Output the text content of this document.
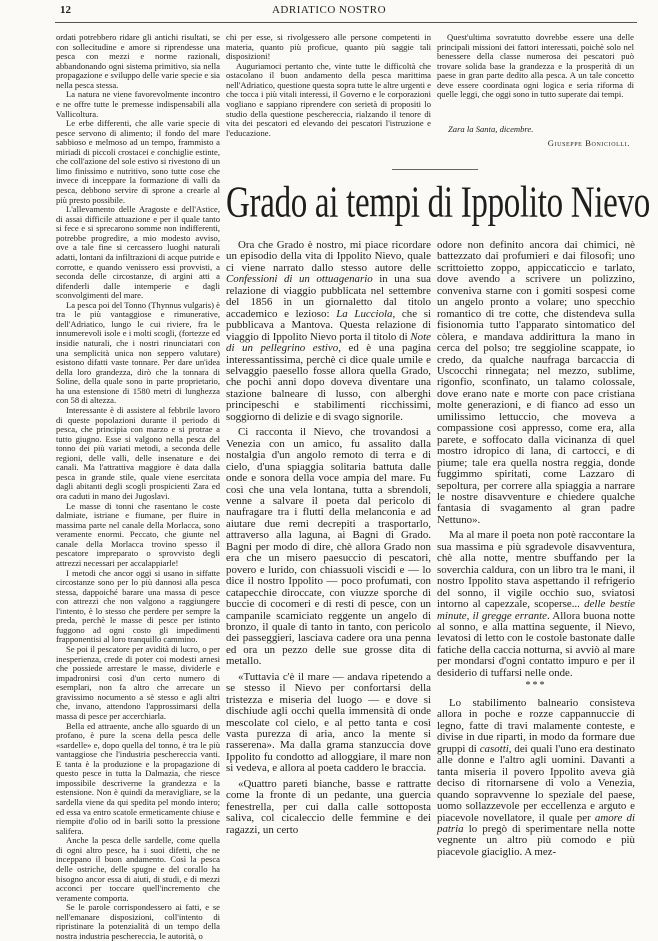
12	ADRIATICO NOSTRO

ordati potrebbero ridare gli antichi risultati, se con sollecitudine e amore si riprendesse una pesca con mezzi e norme razionali, abbandonando ogni sistema primitivo, sia nella propagazione e sviluppo delle varie specie e sia nella pesca stessa.

La natura ne viene favorevolmente incontro e ne offre tutte le premesse indispensabili alla Vallicoltura.

Le erbe differenti, che alle varie specie di pesce servono di alimento; il fondo del mare sabbioso e melmoso ad un tempo, frammisto a miriadi di piccoli crostacei e conchiglie estinte, che coll'azione del sole estivo si rivestono di un limo finissimo e nutritivo, sono tutte cose che invece di inceppare la formazione di valli da pesca, debbono servire di sprone a crearle al più presto possibile.

L'allevamento delle Aragoste e dell'Astice, di assai difficile attuazione e per il quale tanto si fece e si sprecarono somme non indifferenti, potrebbe progredire, a mio modesto avviso, ove a tale fine si cercassero luoghi naturali adatti, lontani da infiltrazioni di acque putride e corrotte, e quando venissero essi provvisti, a seconda delle circostanze, di argini atti a difenderli dalle intemperie e dagli sconvolgimenti del mare.

La pesca poi del Tonno (Thynnus vulgaris) è tra le più vantaggiose e rimunerative, dell'Adriatico, lungo le cui riviere, fra le innumerevoli isole e i molti scogli, (fortezze ed insidie naturali, che i nostri rinunciatari con una semplicità unica non seppero valutare) esistono difatti vaste tonnare. Per dare un'idea della loro grandezza, dirò che la tonnara di Soline, della quale sono in parte proprietario, ha una estensione di 1580 metri di lunghezza con 58 di altezza.

Interessante è di assistere al febbrile lavoro di queste popolazioni durante il periodo di pesca, che principia con marzo e si protrae a tutto giugno. Esse si valgono nella pesca del tonno dei più variati metodi, a seconda delle regioni, delle valli, delle insenature e dei canali. Ma l'attrattiva maggiore è data dalla pesca in grande stile, quale viene esercitata dagli abitanti degli scogli prospicienti Zara ed ora caduti in mano dei Jugoslavi.

Le masse di tonni che rasentano le coste dalmiate, istriane e fiumane, per fluire in massima parte nel canale della Morlacca, sono veramente enormi. Peccato, che giunte nel canale della Morlacca trovino spesso il pescatore impreparato o sprovvisto degli attrezzi necessari per accalappiarle!

I metodi che ancor oggi si usano in siffatte circostanze sono per lo più dannosi alla pesca stessa, dappoiché barare una massa di pesce con attrezzi che non valgono a raggiungere l'intento, è lo stesso che perdere per sempre la preda, perchè le masse di pesce per istinto fuggono ad ogni costo gli impedimenti frapponentisi al loro tranquillo cammino.

Se poi il pescatore per avidità di lucro, o per inesperienza, crede di poter coi modesti arnesi che possiede arrestare le masse, dividerle e impadronirsi così d'un certo numero di esemplari, non fa altro che arrecare un gravissimo nocumento a sè stesso e agli altri che, invano, attendono l'approssimarsi della massa di pesce per accerchiarla.

Bella ed attraente, anche allo sguardo di un profano, è pure la scena della pesca delle «sardelle» e, dopo quella del tonno, è tra le più vantaggiose che l'industria peschereccia vanti. E tanta è la produzione e la propagazione di questo pesce in tutta la Dalmazia, che riesce impossibile descriverne la grandezza e la estensione. Non è quindi da meravigliare, se la sardella viene da qui spedita pel mondo intero; ed essa va entro scatole ermeticamente chiuse e riempite d'olio od in barili sotto la pressione salifera.

Anche la pesca delle sardelle, come quella di ogni altro pesce, ha i suoi difetti, che ne inceppano il buon andamento. Così la pesca delle ostriche, delle spugne e del corallo ha bisogno ancor essa di aiuti, di studi, e di mezzi acconci per toccare quell'incremento che veramente comporta.

Se le parole corrispondessero ai fatti, e se nell'emanare disposizioni, coll'intento di ripristinare la potenzialità di un tempo della nostra industria peschereccia, le autorità, o

chi per esse, si rivolgessero alle persone competenti in materia, quanto più proficue, quanto più saggie tali disposizioni!

Auguriamoci pertanto che, vinte tutte le difficoltà che ostacolano il buon andamento della pesca marittima nell'Adriatico, questione questa sopra tutte le altre urgenti e che tocca i più vitali interessi, il Governo e le corporazioni vogliano e sappiano riprendere con serietà di propositi lo studio della questione peschereccia, rialzando il tenore di vita dei pescatori ed elevando dei pescatori l'istruzione e l'educazione.

Quest'ultima sovratutto dovrebbe essere una delle principali missioni dei fattori interessati, poichè solo nel benessere della classe numerosa dei pescatori può trovare solida base la grandezza e la prosperità di un paese in gran parte dedito alla pesca. A un tale concetto deve essere coordinata ogni logica e seria riforma di quelle leggi, che oggi sono in tutto superate dai tempi.

Zara la Santa, dicembre.
Giuseppe Boniciolli.
Grado ai tempi di Ippolito Nievo

Ora che Grado è nostro, mi piace ricordare un episodio della vita di Ippolito Nievo, quale ci viene narrato dallo stesso autore delle Confessioni di un ottuagenario in una sua relazione di viaggio pubblicata nel settembre del 1856 in un giornaletto dal titolo accademico e lezioso: La Lucciola, che si pubblicava a Mantova. Questa relazione di viaggio di Ippolito Nievo porta il titolo di Note di un pellegrino estivo, ed è una pagina interessantissima, perchè ci dice quale umile e selvaggio paesello fosse allora quella Grado, che pochi anni dopo doveva diventare una stazione balneare di lusso, con alberghi principeschi e stabilimenti ricchissimi, soggiorno di delizie e di svago signorile.

Ci racconta il Nievo, che trovandosi a Venezia con un amico, fu assalito dalla nostalgia d'un angolo remoto di terra e di cielo, d'una spiaggia solitaria battuta dalle onde e sonora della voce ampia del mare. Fu così che una vela lontana, tutta a sbrendoli, venne a salvare il poeta dal pericolo di naufragare tra i flutti della melanconia e ad aiutare due remi decrepiti a trasportarlo, attraverso alla laguna, ai Bagni di Grado. Bagni per modo di dire, chè allora Grado non era che un misero paesuccio di pescatori, povero e lurido, con chiassuoli viscidi e — lo dice il nostro Ippolito — poco profumati, con catapecchie diroccate, con viuzze sporche di buccie di cocomeri e di resti di pesce, con un campanile scamiciato reggente un angelo di bronzo, il quale di tanto in tanto, con pericolo dei passeggieri, lasciava cadere ora una penna ed ora un pezzo delle sue grosse dita di metallo.

«Tuttavia c'è il mare — andava ripetendo a se stesso il Nievo per confortarsi della tristezza e miseria del luogo — e dove si dischiude agli occhi quella immensità di onde mescolate col cielo, e al petto tanta e così vasta purezza di aria, anco la mente si rasserena». Ma dalla grama stanzuccia dove Ippolito fu condotto ad alloggiare, il mare non si vedeva, e allora al poeta caddero le braccia.

«Quattro pareti bianche, basse e rattratte come la fronte di un pedante, una guercia fenestrella, per cui dalla calle sottoposta saliva, col cicaleccio delle femmine e dei ragazzi, un certo

odore non definito ancora dai chimici, nè battezzato dai profumieri e dai filosofi; uno scrittoietto zoppo, appiccaticcio e tarlato, dove avendo a scrivere un polizzino, conveniva starne con i gomiti sospesi come un angelo pronto a volare; uno specchio romantico di tre cotte, che distendeva sulla fisionomia tutto l'apparato sintomatico del còlera, e mandava addirittura la mano in cerca del polso; tre seggioline scappate, io credo, da qualche naufraga barcaccia di Uscocchi rinnegata; nel mezzo, sublime, rigonfio, sconfinato, un talamo colossale, dove erano nate e morte con pace cristiana molte generazioni, e di fianco ad esso un umilissimo lettuccio, che moveva a compassione così appresso, come era, alla parete, e soffocato dalla vicinanza di quel mostro idropico di lana, di cartocci, e di piume; tale era quella nostra reggia, donde fuggimmo spiritati, come Lazzaro di sepoltura, per correre alla spiaggia a narrare le nostre disavventure e chiedere qualche fantasia di svagamento al gran padre Nettuno».

Ma al mare il poeta non potè raccontare la sua massima e più sgradevole disavventura, chè alla notte, mentre sbuffando per la soverchia caldura, con un libro tra le mani, il nostro Ippolito stava aspettando il refrigerio del sonno, il vigile occhio suo, sviatosi intorno al capezzale, scoperse... delle bestie minute, il gregge errante. Allora buona notte al sonno, e alla mattina seguente, il Nievo, levatosi di letto con le costole bastonate dalle fatiche della caccia notturna, si avviò al mare per mondarsi d'ogni contatto impuro e per il desiderio di tuffarsi nelle onde.

***

Lo stabilimento balneario consisteva allora in poche e rozze cappannuccie di legno, fatte di travi malamente conteste, e divise in due riparti, in modo da formare due gruppi di casotti, dei quali l'uno era destinato alle donne e l'altro agli uomini. Davanti a tanta miseria il povero Ippolito aveva già deciso di ritornarsene di volo a Venezia, quando sopravvenne lo speziale del paese, uomo sollazzevole per eccellenza e arguto e piacevole novellatore, il quale per amore di patria lo pregò di sperimentare nella notte vegnente un altro più comodo e più piacevole giaciglio. A mez-
